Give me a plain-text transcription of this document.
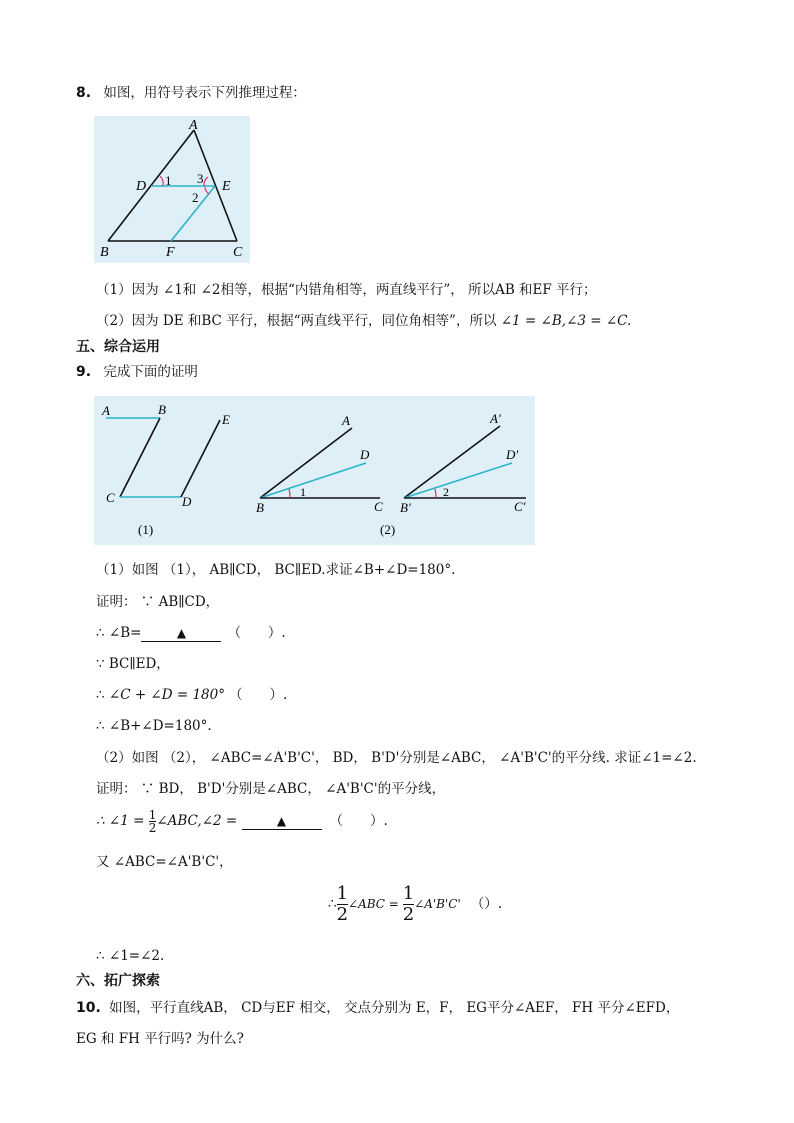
8. 如图，用符号表示下列推理过程：
A
D	E
B	F	C
1 3
2
（1）因为 ∠1和 ∠2相等，根据“内错角相等，两直线平行”， 所以AB 和EF 平行；
（2）因为 DE 和BC 平行，根据“两直线平行，同位角相等”，所以 ∠1 = ∠B,∠3 = ∠C.
五、综合运用
9. 完成下面的证明
A	B
E
C	D
(1)
A
D
B	C
1
A′
D′
B′	C′
2
(2)
（1）如图 （1）， AB∥CD， BC∥ED.求证∠B+∠D=180°.
证明： ∵ AB∥CD，
∴ ∠B=	▲	（　　）.
∵ BC∥ED，
∴ ∠C + ∠D = 180° （　　）.
∴ ∠B+∠D=180°.
（2）如图 （2）， ∠ABC=∠A'B'C'， BD， B'D'分别是∠ABC， ∠A'B'C'的平分线. 求证∠1=∠2.
证明： ∵ BD， B'D'分别是∠ABC， ∠A'B'C'的平分线，
∴ ∠1 = $\frac{1}{2}$ ∠ABC,∠2 =	▲	（　　）.
又 ∠ABC=∠A'B'C'，
∴ $\frac{1}{2}$ ∠ABC = $\frac{1}{2}$ ∠A'B'C' （）.
∴ ∠1=∠2.
六、拓广探索
10. 如图，平行直线AB， CD与EF 相交， 交点分别为 E，F， EG平分∠AEF， FH 平分∠EFD，
EG 和 FH 平行吗? 为什么?
